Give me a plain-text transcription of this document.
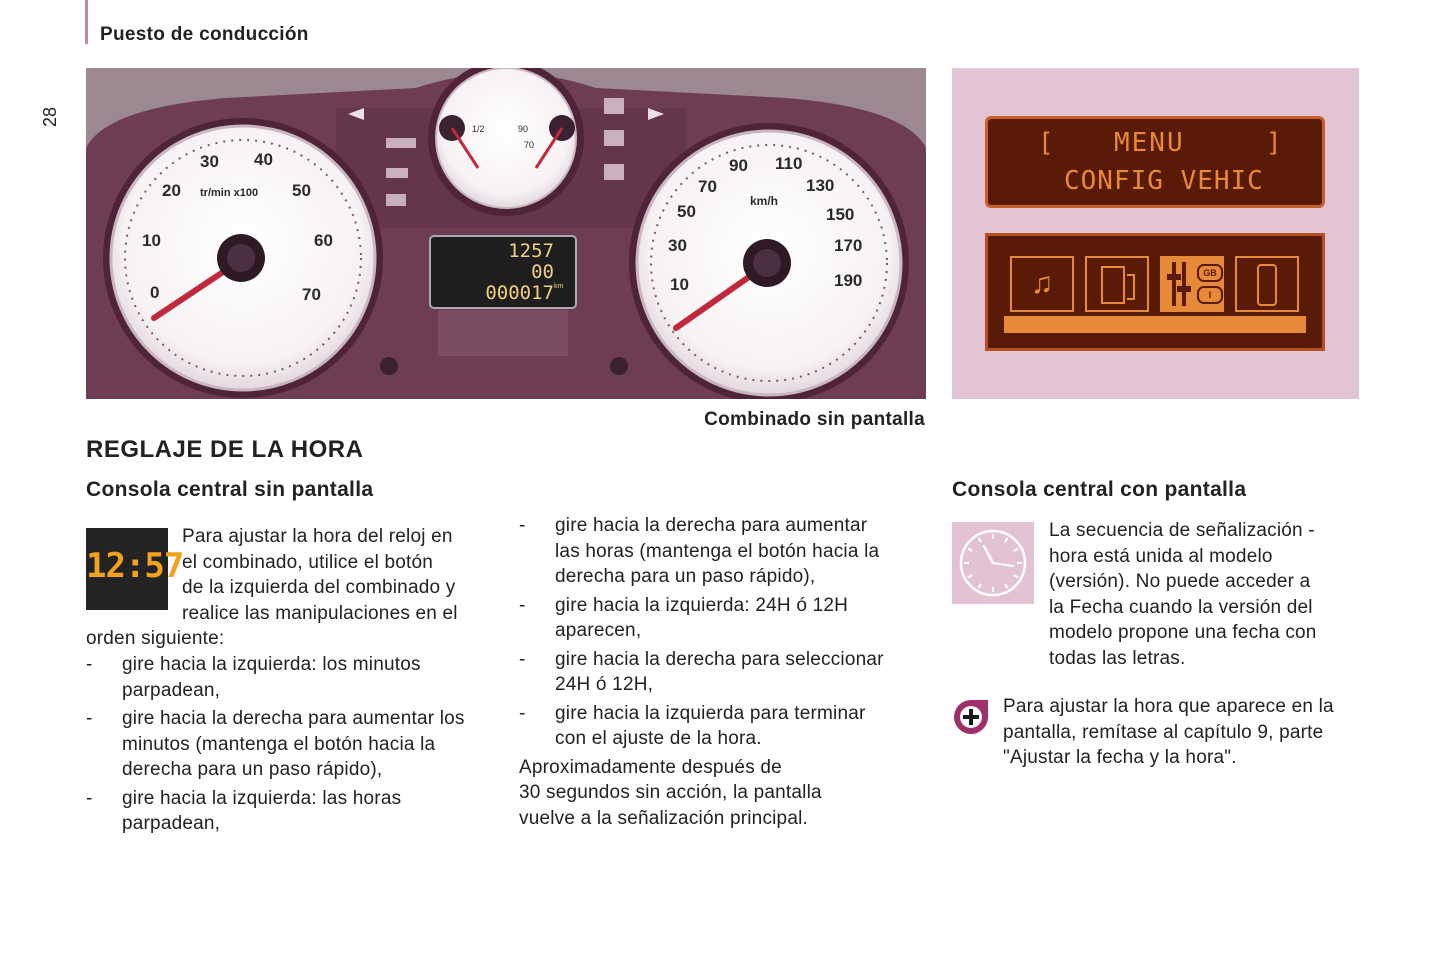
Puesto de conducción
28
0
10
20
30 40
50
60
70
tr/min x100
10
30
50
70
90 110
130
150
170
190
km/h
1/2	90
70
1257
00
000017 km
[ MENU	]
CONFIG VEHIC
♫	GB
I
Combinado sin pantalla
REGLAJE DE LA HORA
Consola central sin pantalla
12:57
Para ajustar la hora del reloj en
el combinado, utilice el botón
de la izquierda del combinado y
realice las manipulaciones en el
orden siguiente:
- gire hacia la izquierda: los minutos
parpadean,
- gire hacia la derecha para aumentar los
minutos (mantenga el botón hacia la
derecha para un paso rápido),
- gire hacia la izquierda: las horas
parpadean,
- gire hacia la derecha para aumentar
las horas (mantenga el botón hacia la
derecha para un paso rápido),
- gire hacia la izquierda: 24H ó 12H
aparecen,
- gire hacia la derecha para seleccionar
24H ó 12H,
- gire hacia la izquierda para terminar
con el ajuste de la hora.
Aproximadamente después de
30 segundos sin acción, la pantalla
vuelve a la señalización principal.
Consola central con pantalla
La secuencia de señalización -
hora está unida al modelo
(versión). No puede acceder a
la Fecha cuando la versión del
modelo propone una fecha con
todas las letras.
Para ajustar la hora que aparece en la
pantalla, remítase al capítulo 9, parte
"Ajustar la fecha y la hora".
